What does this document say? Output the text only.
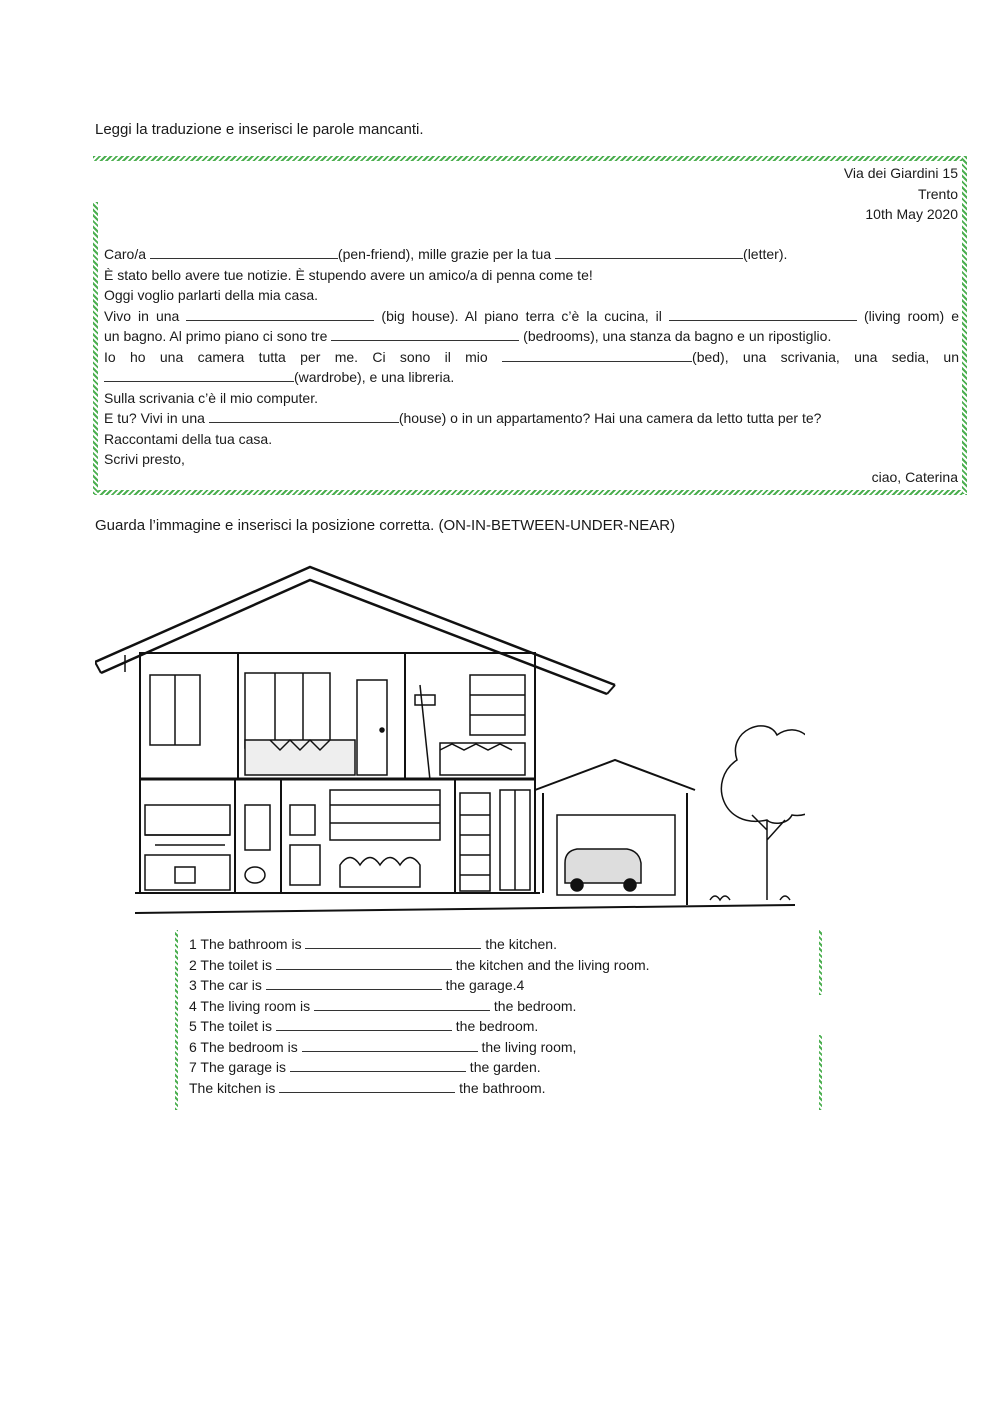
Leggi la traduzione e inserisci le parole mancanti.
Via dei Giardini 15
Trento
10th May 2020
Caro/a	(pen-friend), mille grazie per la tua	(letter).
È stato bello avere tue notizie. È stupendo avere un amico/a di penna come te!
Oggi voglio parlarti della mia casa.
Vivo in una	(big house). Al piano terra c’è la cucina, il	(living room) e
un bagno. Al primo piano ci sono tre	(bedrooms), una stanza da bagno e un ripostiglio.
Io ho una camera tutta per me. Ci sono il mio	(bed), una scrivania, una sedia, un
(wardrobe), e una libreria.
Sulla scrivania c’è il mio computer.
E tu? Vivi in una	(house) o in un appartamento? Hai una camera da letto tutta per te?
Raccontami della tua casa.
Scrivi presto,
ciao, Caterina
Guarda l’immagine e inserisci la posizione corretta. (ON-IN-BETWEEN-UNDER-NEAR)
1 The bathroom is	the kitchen.
2 The toilet is	the kitchen and the living room.
3 The car is	the garage.4
4 The living room is	the bedroom.
5 The toilet is	the bedroom.
6 The bedroom is	the living room,
7 The garage is	the garden.
The kitchen is	the bathroom.
